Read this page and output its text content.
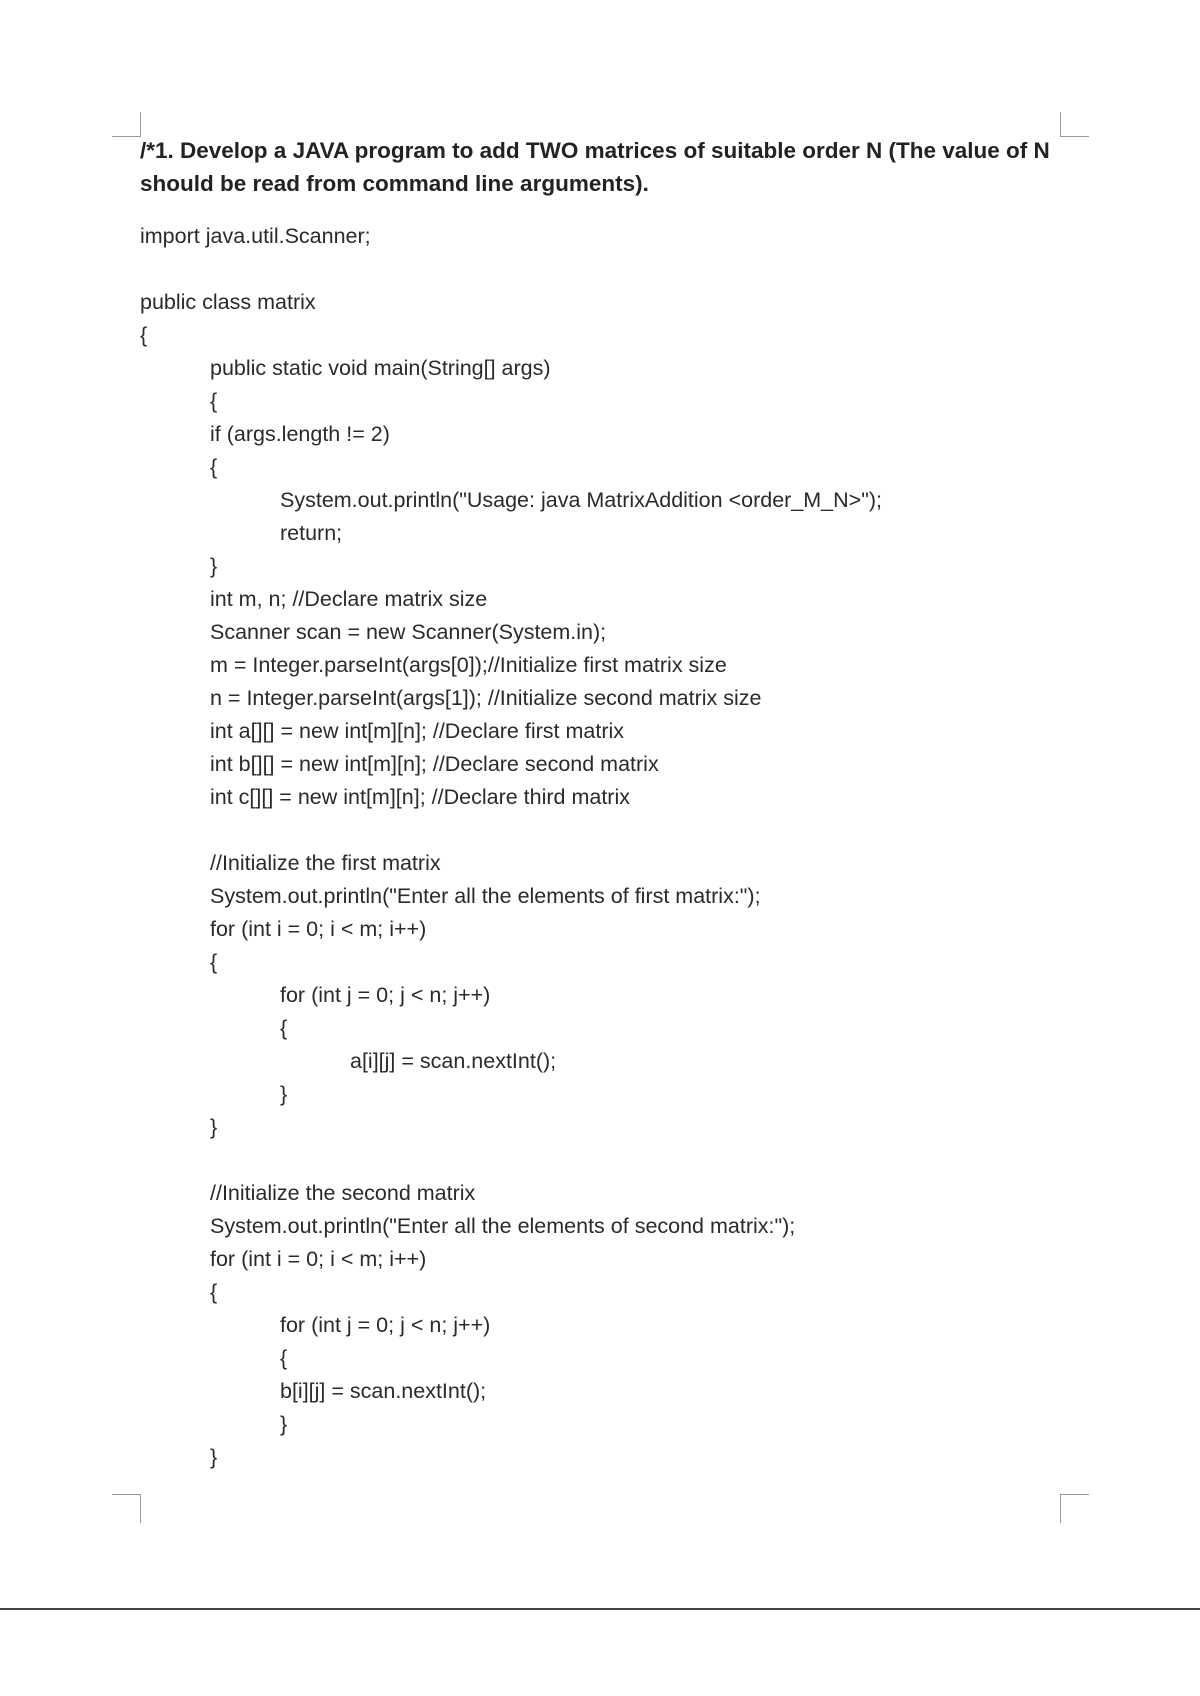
/*1. Develop a JAVA program to add TWO matrices of suitable order N (The value of N
should be read from command line arguments).
import java.util.Scanner;
public class matrix
{
public static void main(String[] args)
{
if (args.length != 2)
{
System.out.println("Usage: java MatrixAddition <order_M_N>");
return;
}
int m, n; //Declare matrix size
Scanner scan = new Scanner(System.in);
m = Integer.parseInt(args[0]);//Initialize first matrix size
n = Integer.parseInt(args[1]); //Initialize second matrix size
int a[][] = new int[m][n]; //Declare first matrix
int b[][] = new int[m][n]; //Declare second matrix
int c[][] = new int[m][n]; //Declare third matrix
//Initialize the first matrix
System.out.println("Enter all the elements of first matrix:");
for (int i = 0; i < m; i++)
{
for (int j = 0; j < n; j++)
{
a[i][j] = scan.nextInt();
}
}
//Initialize the second matrix
System.out.println("Enter all the elements of second matrix:");
for (int i = 0; i < m; i++)
{
for (int j = 0; j < n; j++)
{
b[i][j] = scan.nextInt();
}
}
